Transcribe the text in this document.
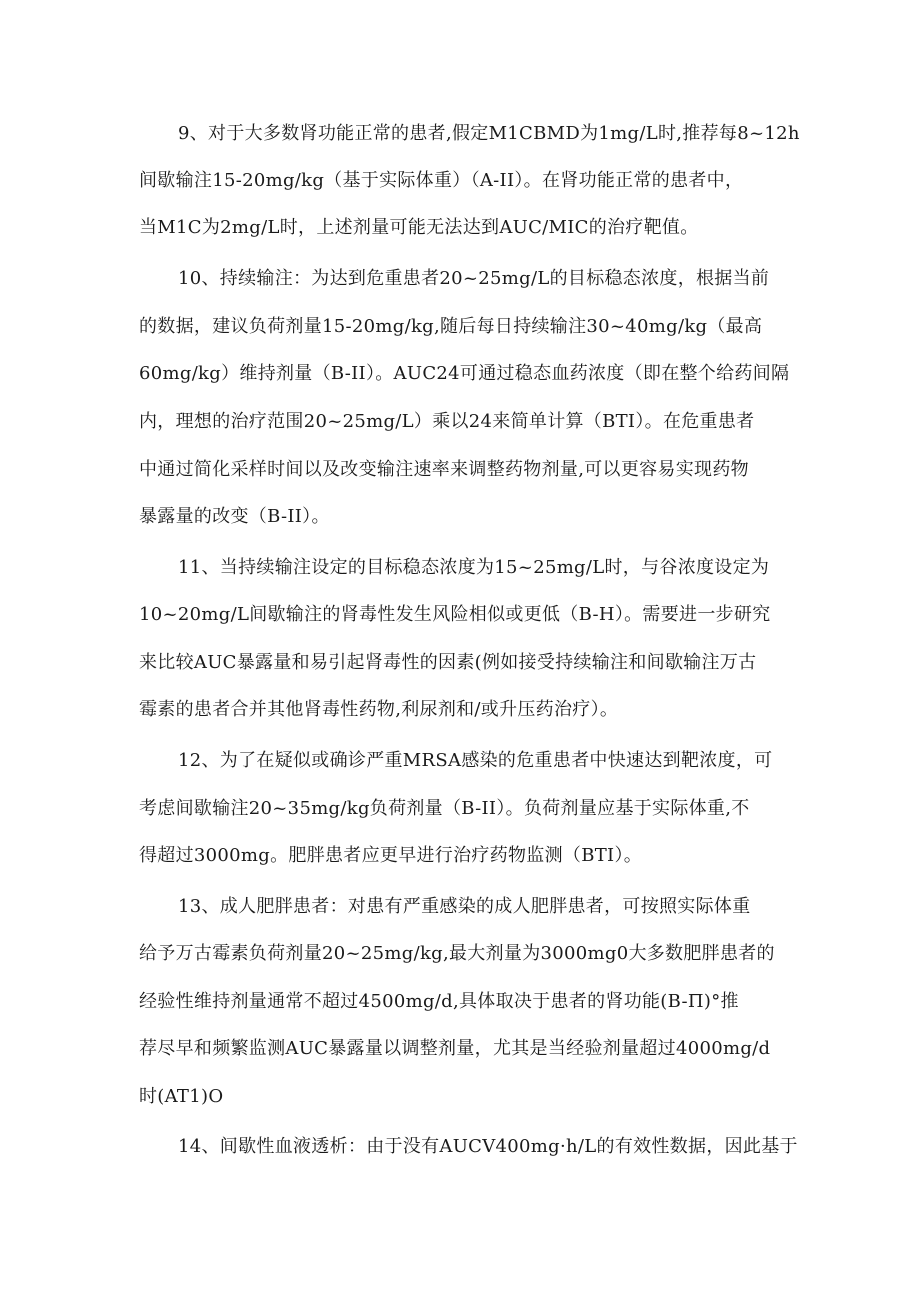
9、对于大多数肾功能正常的患者,假定M1CBMD为1mg/L时,推荐每8~12h

间歇输注15-20mg/kg（基于实际体重）（A-II）。在肾功能正常的患者中，

当M1C为2mg/L时，上述剂量可能无法达到AUC/MIC的治疗靶值。

10、持续输注：为达到危重患者20~25mg/L的目标稳态浓度，根据当前

的数据，建议负荷剂量15-20mg/kg,随后每日持续输注30~40mg/kg（最高

60mg/kg）维持剂量（B-II）。AUC24可通过稳态血药浓度（即在整个给药间隔

内，理想的治疗范围20~25mg/L）乘以24来简单计算（BTI）。在危重患者

中通过简化采样时间以及改变输注速率来调整药物剂量,可以更容易实现药物

暴露量的改变（B-II）。

11、当持续输注设定的目标稳态浓度为15~25mg/L时，与谷浓度设定为

10~20mg/L间歇输注的肾毒性发生风险相似或更低（B-H）。需要进一步研究

来比较AUC暴露量和易引起肾毒性的因素(例如接受持续输注和间歇输注万古

霉素的患者合并其他肾毒性药物,利尿剂和/或升压药治疗）。

12、为了在疑似或确诊严重MRSA感染的危重患者中快速达到靶浓度，可

考虑间歇输注20~35mg/kg负荷剂量（B-II）。负荷剂量应基于实际体重,不

得超过3000mg。肥胖患者应更早进行治疗药物监测（BTI）。

13、成人肥胖患者：对患有严重感染的成人肥胖患者，可按照实际体重

给予万古霉素负荷剂量20~25mg/kg,最大剂量为3000mg0大多数肥胖患者的

经验性维持剂量通常不超过4500mg/d,具体取决于患者的肾功能(B-Π)°推

荐尽早和频繁监测AUC暴露量以调整剂量，尤其是当经验剂量超过4000mg/d

时(AT1)O

14、间歇性血液透析：由于没有AUCV400mg·h/L的有效性数据，因此基于
